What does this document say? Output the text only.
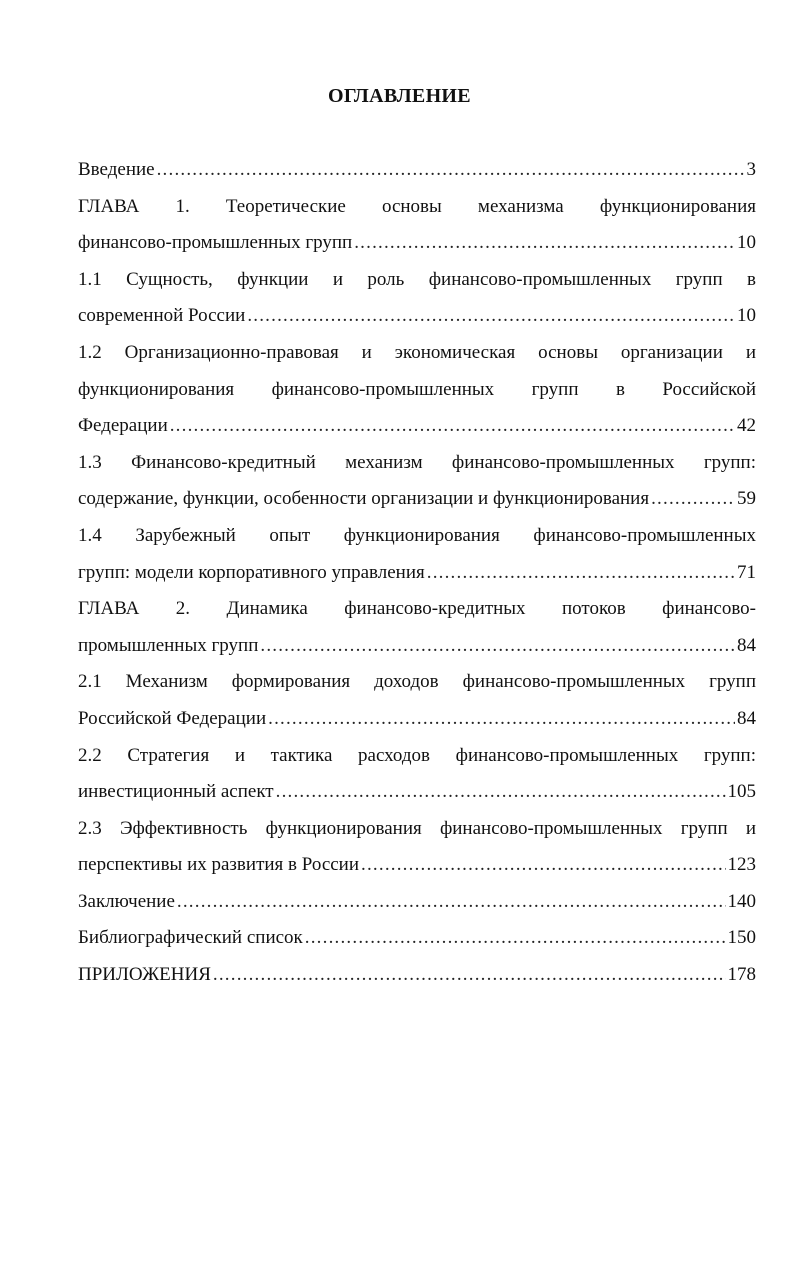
ОГЛАВЛЕНИЕ
Введение .....	3
ГЛАВА 1. Теоретические основы механизма функционирования
финансово-промышленных групп .....	10
1.1 Сущность, функции и роль финансово-промышленных групп в
современной России .....	10
1.2 Организационно-правовая и экономическая основы организации и
функционирования финансово-промышленных групп в Российской
Федерации .....	42
1.3 Финансово-кредитный механизм финансово-промышленных групп:
содержание, функции, особенности организации и функционирования .....	59
1.4 Зарубежный опыт функционирования финансово-промышленных
групп: модели корпоративного управления .....	71
ГЛАВА 2. Динамика финансово-кредитных потоков финансово-
промышленных групп .....	84
2.1 Механизм формирования доходов финансово-промышленных групп
Российской Федерации .....	84
2.2 Стратегия и тактика расходов финансово-промышленных групп:
инвестиционный аспект .....	105
2.3 Эффективность функционирования финансово-промышленных групп и
перспективы их развития в России .....	123
Заключение .....	140
Библиографический список .....	150
ПРИЛОЖЕНИЯ .....	178
